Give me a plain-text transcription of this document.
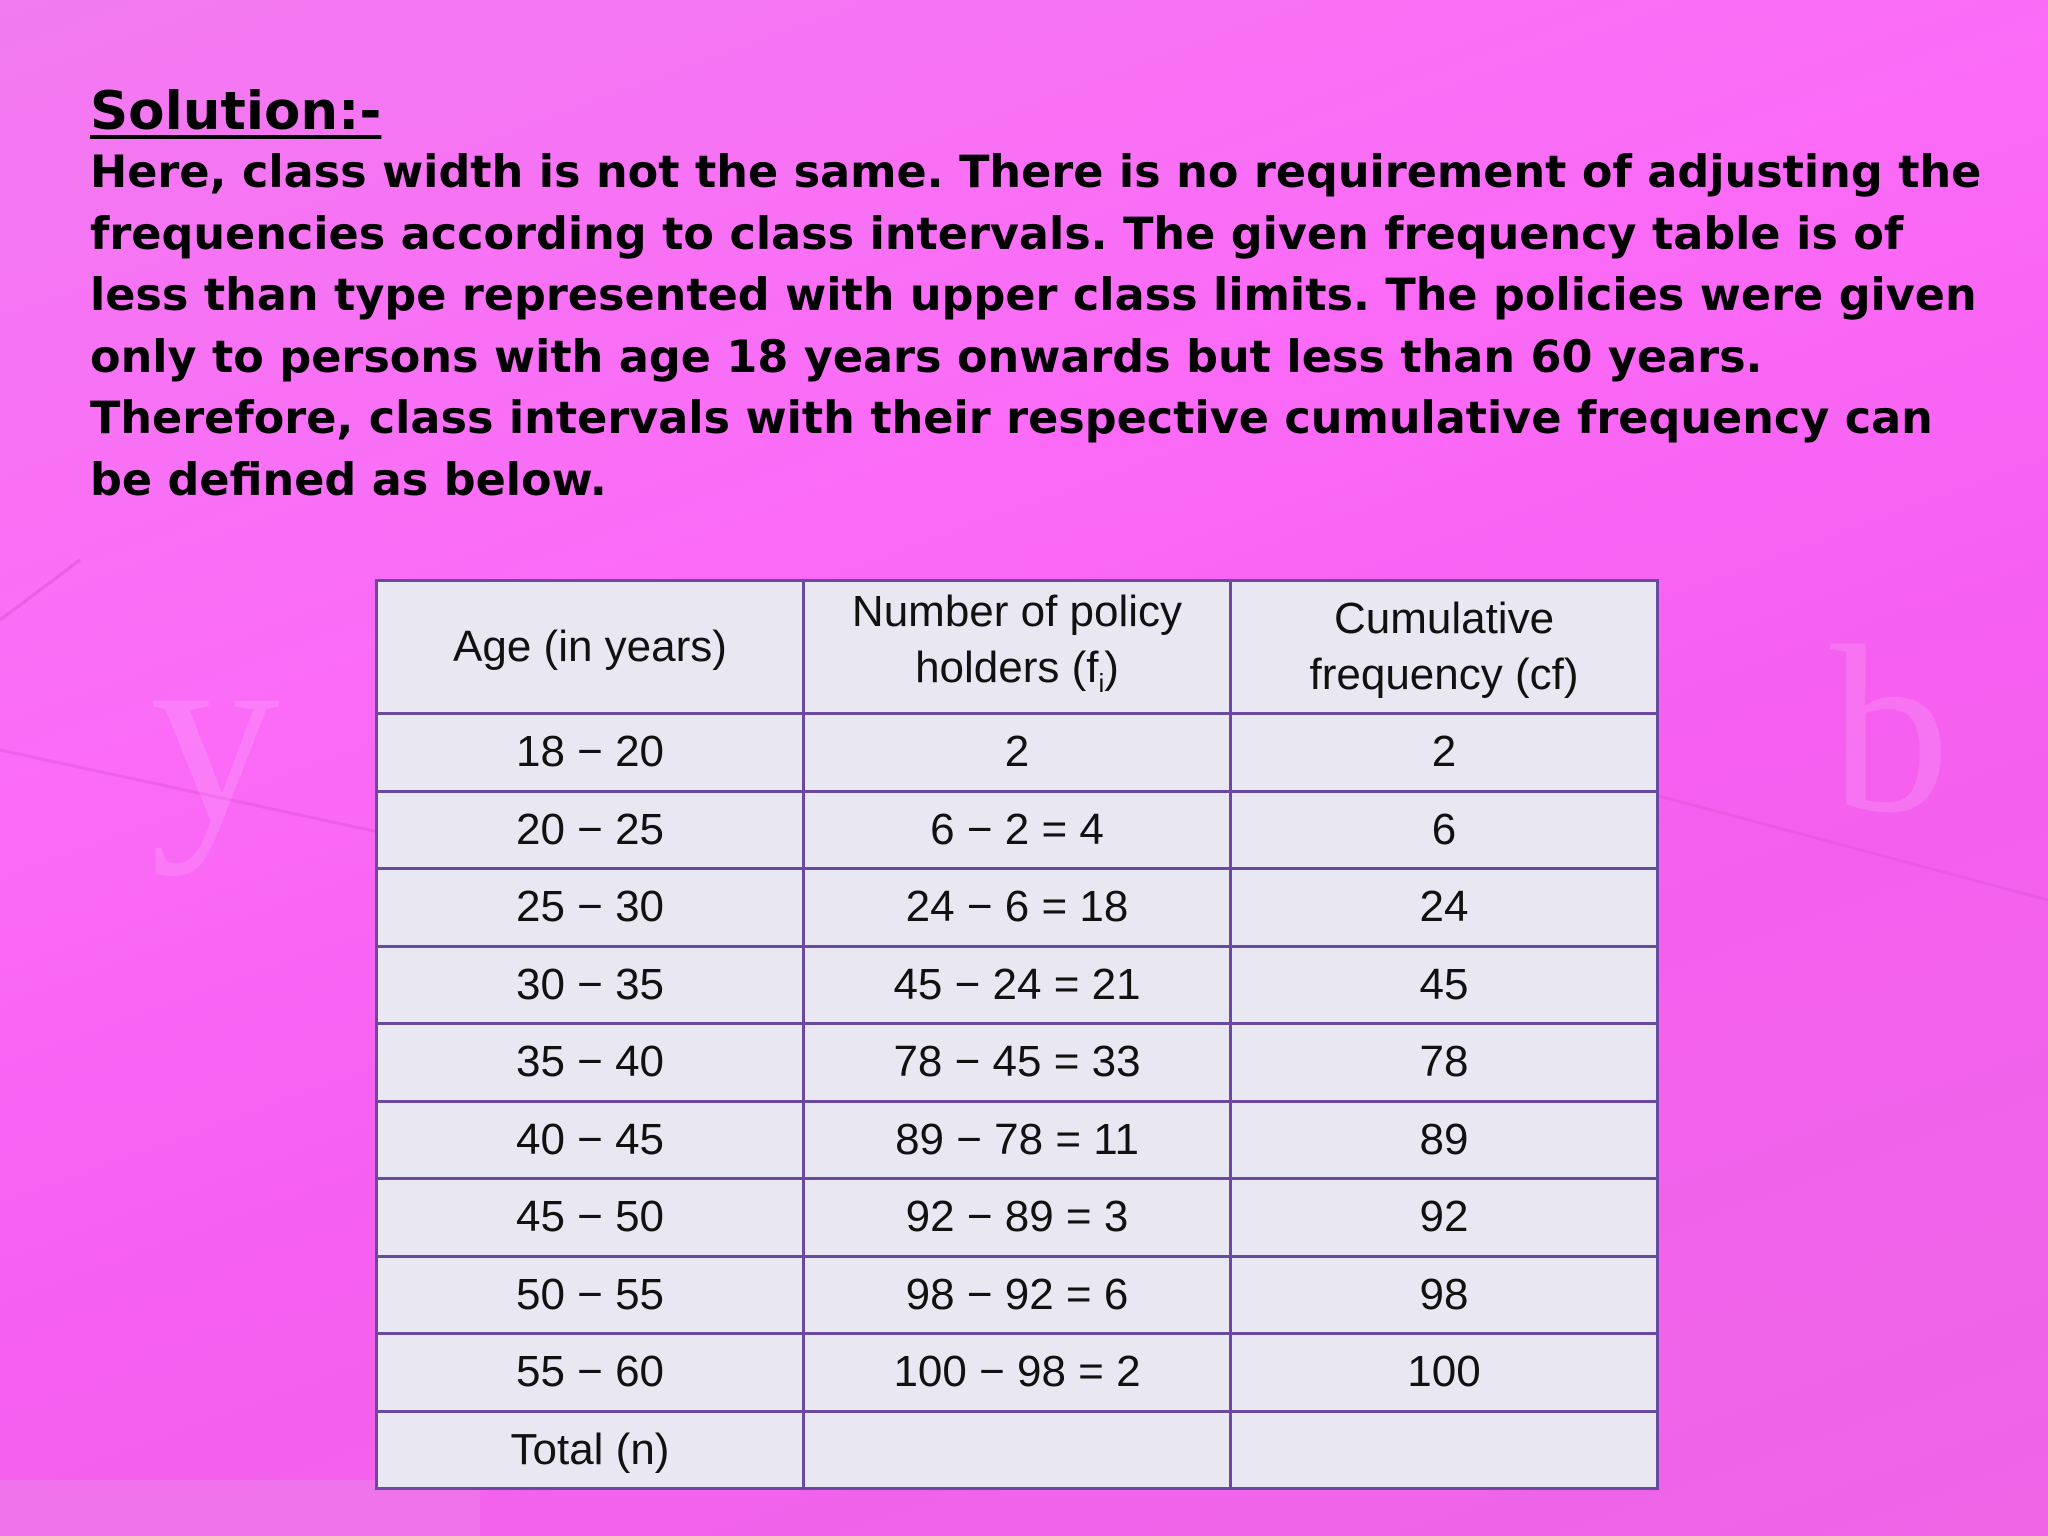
y	b

Solution:-

Here, class width is not the same. There is no requirement of adjusting the frequencies according to class intervals. The given frequency table is of less than type represented with upper class limits. The policies were given only to persons with age 18 years onwards but less than 60 years. Therefore, class intervals with their respective cumulative frequency can be defined as below.

Age (in years)	Number of policy holders $(f_i)$	Cumulative frequency (cf)
18 − 20	2	2
20 − 25	6 − 2 = 4	6
25 − 30	24 − 6 = 18	24
30 − 35	45 − 24 = 21	45
35 − 40	78 − 45 = 33	78
40 − 45	89 − 78 = 11	89
45 − 50	92 − 89 = 3	92
50 − 55	98 − 92 = 6	98
55 − 60	100 − 98 = 2	100
Total (n)		
